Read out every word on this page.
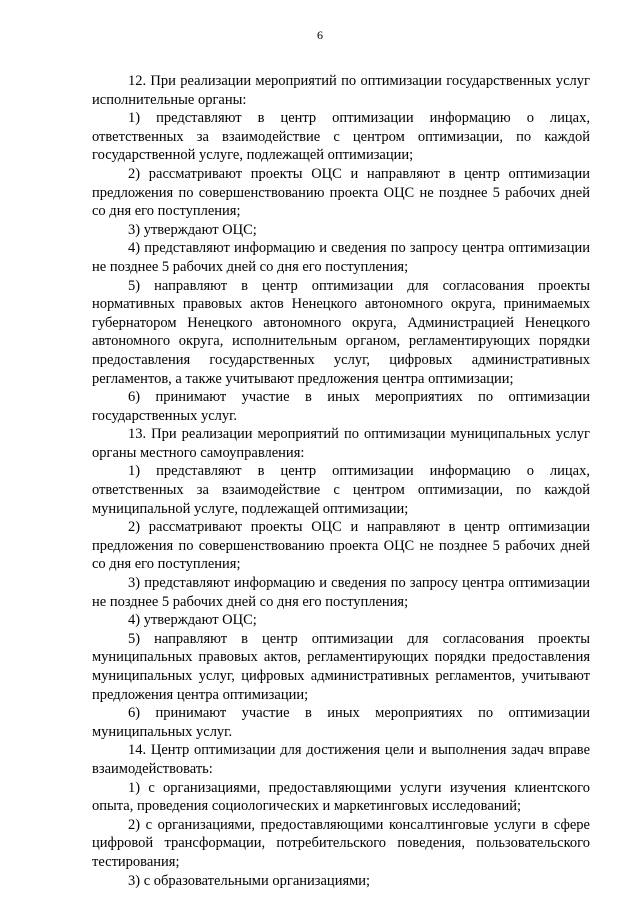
6

12. При реализации мероприятий по оптимизации государственных услуг исполнительные органы:

1) представляют в центр оптимизации информацию о лицах, ответственных за взаимодействие с центром оптимизации, по каждой государственной услуге, подлежащей оптимизации;

2) рассматривают проекты ОЦС и направляют в центр оптимизации предложения по совершенствованию проекта ОЦС не позднее 5 рабочих дней со дня его поступления;

3) утверждают ОЦС;

4) представляют информацию и сведения по запросу центра оптимизации не позднее 5 рабочих дней со дня его поступления;

5) направляют в центр оптимизации для согласования проекты нормативных правовых актов Ненецкого автономного округа, принимаемых губернатором Ненецкого автономного округа, Администрацией Ненецкого автономного округа, исполнительным органом, регламентирующих порядки предоставления государственных услуг, цифровых административных регламентов, а также учитывают предложения центра оптимизации;

6) принимают участие в иных мероприятиях по оптимизации государственных услуг.

13. При реализации мероприятий по оптимизации муниципальных услуг органы местного самоуправления:

1) представляют в центр оптимизации информацию о лицах, ответственных за взаимодействие с центром оптимизации, по каждой муниципальной услуге, подлежащей оптимизации;

2) рассматривают проекты ОЦС и направляют в центр оптимизации предложения по совершенствованию проекта ОЦС не позднее 5 рабочих дней со дня его поступления;

3) представляют информацию и сведения по запросу центра оптимизации не позднее 5 рабочих дней со дня его поступления;

4) утверждают ОЦС;

5) направляют в центр оптимизации для согласования проекты муниципальных правовых актов, регламентирующих порядки предоставления муниципальных услуг, цифровых административных регламентов, учитывают предложения центра оптимизации;

6) принимают участие в иных мероприятиях по оптимизации муниципальных услуг.

14. Центр оптимизации для достижения цели и выполнения задач вправе взаимодействовать:

1) с организациями, предоставляющими услуги изучения клиентского опыта, проведения социологических и маркетинговых исследований;

2) с организациями, предоставляющими консалтинговые услуги в сфере цифровой трансформации, потребительского поведения, пользовательского тестирования;

3) с образовательными организациями;
